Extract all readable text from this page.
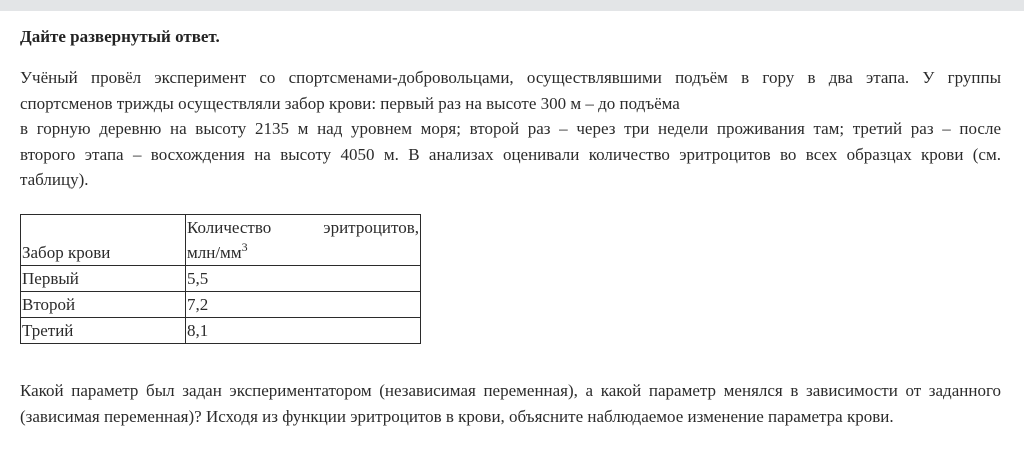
Дайте развернутый ответ.

Учёный провёл эксперимент со спортсменами-добровольцами, осуществлявшими подъём в гору в два этапа. У группы
спортсменов трижды осуществляли забор крови: первый раз на высоте 300 м – до подъёма
в горную деревню на высоту 2135 м над уровнем моря; второй раз – через три недели проживания там; третий раз – после
второго этапа – восхождения на высоту 4050 м. В анализах оценивали количество эритроцитов во всех образцах крови (см.
таблицу).
Забор крови	Количество эритроцитов,
млн/$мм^3$

Первый	5,5
Второй	7,2
Третий	8,1

Какой параметр был задан экспериментатором (независимая переменная), а какой параметр менялся в зависимости от заданного (зависимая переменная)? Исходя из функции эритроцитов в крови, объясните наблюдаемое изменение параметра крови.
